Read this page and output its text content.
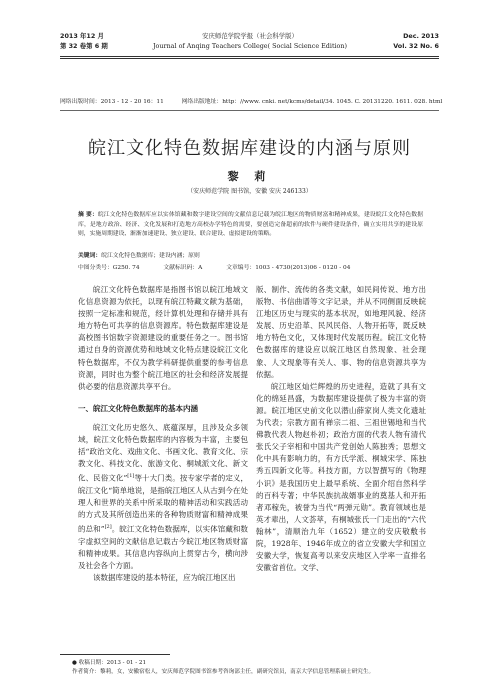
2013 年12 月
第 32 卷第 6 期
安庆师范学院学报（社会科学版）
Journal of Anqing Teachers College( Social Science Edition)
Dec. 2013
Vol. 32 No. 6
网络出版时间：2013 - 12 - 20 16：11	网络出版地址：http：//www. cnki. net/kcms/detail/34. 1045. C. 20131220. 1611. 028. html
皖江文化特色数据库建设的内涵与原则
黎 莉
（安庆师范学院 图书馆，安徽 安庆 246133）
摘 要：皖江文化特色数据库应以实体馆藏和数字建设空间的文献信息记载为皖江地区的物质财富和精神成果，建设皖江文化特色数据库，是地方政治、经济、文化发展和打造地方高校办学特色的需要，要创造完备超前的软件与硬件建设条件，确立实用共享的建设原则，实施周期建设、渐渐加速建设、独立建设、联合建设、虚拟建设的策略。
关键词：皖江文化特色数据库；建设内涵；原则
中图分类号：G250. 74	文献标识码：A	文章编号：1003 - 4730(2013)06 - 0120 - 04

皖江文化特色数据库是指图书馆以皖江地域文化信息资源为依托，以现有皖江特藏文献为基础，按照一定标准和规范，经计算机处理和存储并具有地方特色可共享的信息资源库。特色数据库建设是高校图书馆数字资源建设的重要任务之一。图书馆通过自身的资源优势和地域文化特点建设皖江文化特色数据库，不仅为教学科研提供重要的参考信息资源，同时也为整个皖江地区的社会和经济发展提供必要的信息资源共享平台。

一、皖江文化特色数据库的基本内涵

皖江文化历史悠久、底蕴深厚，且涉及众多领域，皖江文化特色数据库的内容极为丰富，主要包括“政治文化、戏曲文化、书画文化、教育文化、宗教文化、科技文化、旅游文化、桐城派文化、新文化、民俗文化”[1]等十大门类。按专家学者的定义，皖江文化“简单地说，是指皖江地区人从古到今在处理人和世界的关系中所采取的精神活动和实践活动的方式及其所创造出来的各种物质财富和精神成果的总和”[2]。皖江文化特色数据库，以实体馆藏和数字虚拟空间的文献信息记载古今皖江地区物质财富和精神成果。其信息内容纵向上贯穿古今，横向涉及社会各个方面。

该数据库建设的基本特征，应为皖江地区出

版、制作、流传的各类文献，如民间传说、地方出版物、书信曲谱等文字记录，并从不同侧面反映皖江地区历史与现实的基本状况，如地理风貌、经济发展、历史沿革、民风民俗、人物开拓等，既反映地方特色文化，又体现时代发展历程。皖江文化特色数据库的建设应以皖江地区自然现象、社会现象、人文现象等有关人、事、物的信息资源共享为依据。

皖江地区灿烂辉煌的历史进程，造就了具有文化的绵延昌盛，为数据库建设提供了极为丰富的资源。皖江地区史前文化以潜山薛家岗人类文化遗址为代表；宗教方面有禅宗二祖、三祖世锡地和当代佛教代表人物赵朴初；政治方面的代表人物有清代张氏父子宰相和中国共产党创始人陈独秀；思想文化中具有影响力的，有方氏学派、桐城宋学、陈独秀五四新文化等。科技方面，方以智撰写的《物理小识》是我国历史上最早系统、全面介绍自然科学的百科专著；中华民族抗战婿事业的奠基人和开拓者邓稼先，被誉为当代“两弹元勋”。教育领域也是英才辈出，人文荟萃，有桐城张氏一门走出的“六代翰林”，清顺治九年（1652）建立的安庆敬敷书院，1928年、1946年成立的省立安徽大学和国立安徽大学，恢复高考以来安庆地区入学率一直排名安徽省首位。文学、

● 收稿日期：2013 - 01 - 21
作者简介：黎莉，女，安徽宿松人，安庆师范学院图书馆参考咨询部主任，副研究馆员，南京大学信息管理系硕士研究生。
